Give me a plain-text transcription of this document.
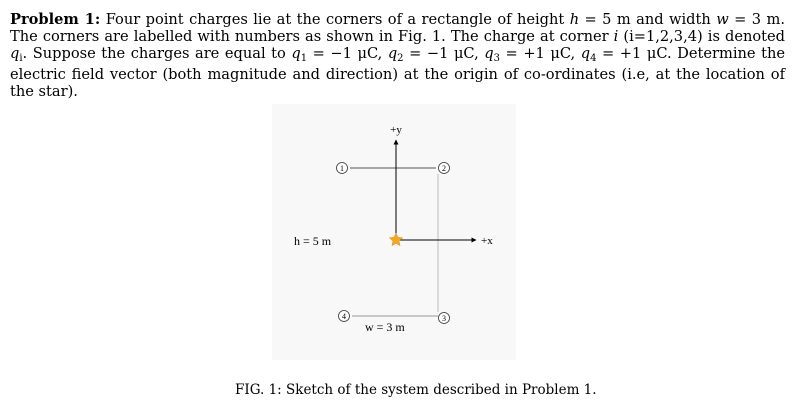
Problem 1: Four point charges lie at the corners of a rectangle of height h = 5 m and width w = 3 m. The corners are labelled with numbers as shown in Fig. 1. The charge at corner i (i=1,2,3,4) is denoted $q_i$. Suppose the charges are equal to $q_1 = -1$ μC, $q_2 = -1$ μC, $q_3 = +1$ μC, $q_4 = +1$ μC. Determine the electric field vector (both magnitude and direction) at the origin of co-ordinates (i.e, at the location of the star).

1	2
3
4
+y
+x
h = 5 m
w = 3 m

FIG. 1: Sketch of the system described in Problem 1.
